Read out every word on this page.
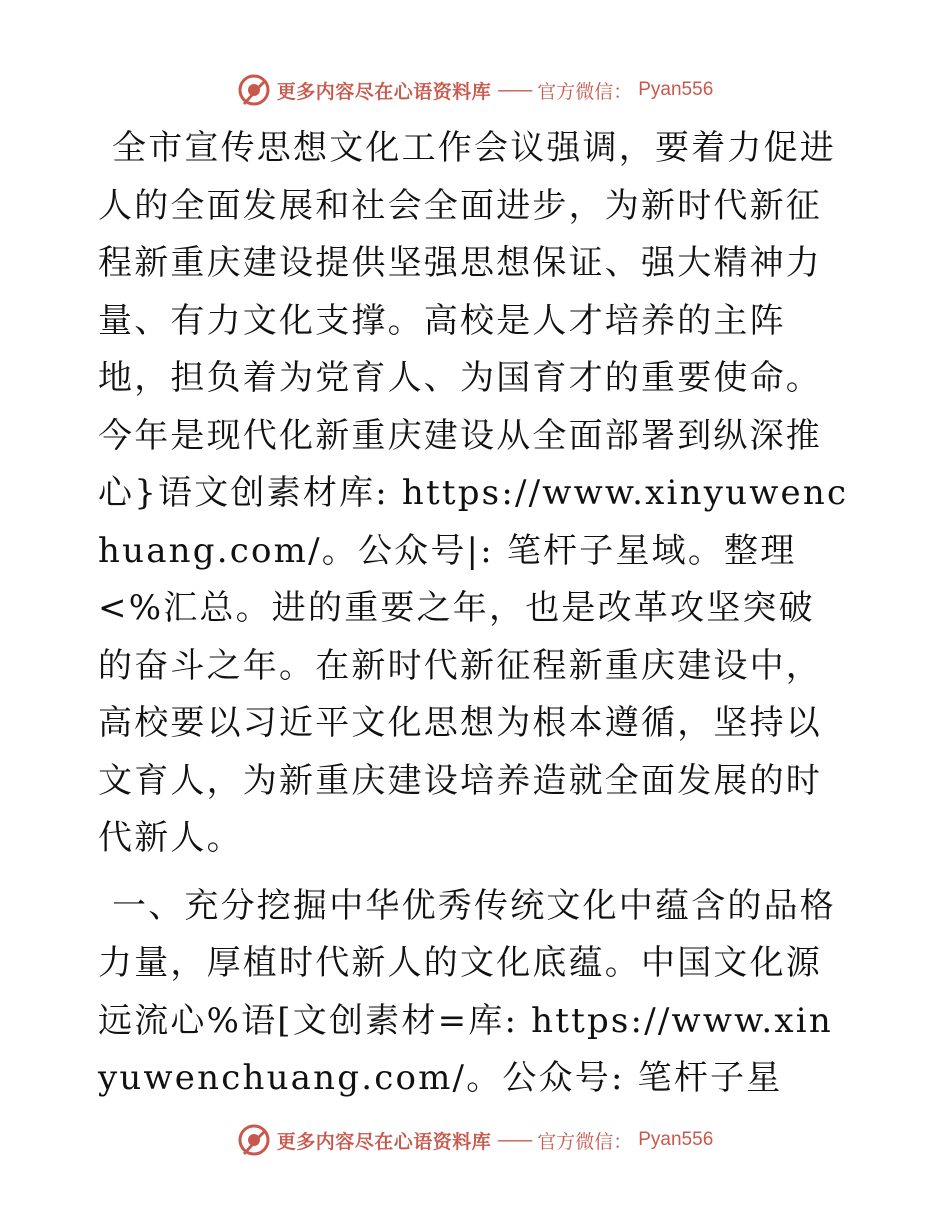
更多内容尽在心语资料库 —— 官方微信： Pyan556

全市宣传思想文化工作会议强调，要着力促进人的全面发展和社会全面进步，为新时代新征程新重庆建设提供坚强思想保证、强大精神力量、有力文化支撑。高校是人才培养的主阵地，担负着为党育人、为国育才的重要使命。今年是现代化新重庆建设从全面部署到纵深推心}语文创素材库: https://www.xinyuwenchuang.com/。公众号|: 笔杆子星域。整理<%汇总。进的重要之年，也是改革攻坚突破的奋斗之年。在新时代新征程新重庆建设中，高校要以习近平文化思想为根本遵循，坚持以文育人，为新重庆建设培养造就全面发展的时代新人。

一、充分挖掘中华优秀传统文化中蕴含的品格力量，厚植时代新人的文化底蕴。中国文化源远流心%语[文创素材=库: https://www.xinyuwenchuang.com/。公众号: 笔杆子星

更多内容尽在心语资料库 —— 官方微信： Pyan556
